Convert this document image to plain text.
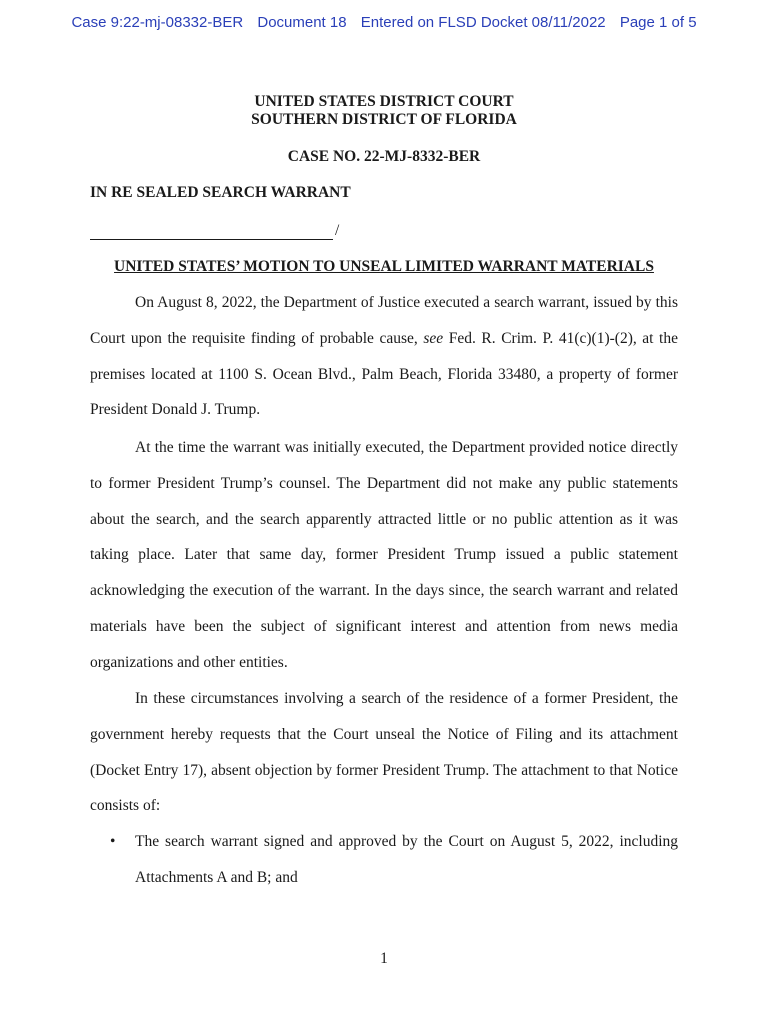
Case 9:22-mj-08332-BER Document 18 Entered on FLSD Docket 08/11/2022 Page 1 of 5
UNITED STATES DISTRICT COURT
SOUTHERN DISTRICT OF FLORIDA
CASE NO. 22-MJ-8332-BER
IN RE SEALED SEARCH WARRANT
/
UNITED STATES’ MOTION TO UNSEAL LIMITED WARRANT MATERIALS

On August 8, 2022, the Department of Justice executed a search warrant, issued by this Court upon the requisite finding of probable cause, see Fed. R. Crim. P. 41(c)(1)-(2), at the premises located at 1100 S. Ocean Blvd., Palm Beach, Florida 33480, a property of former President Donald J. Trump.

At the time the warrant was initially executed, the Department provided notice directly to former President Trump’s counsel. The Department did not make any public statements about the search, and the search apparently attracted little or no public attention as it was taking place. Later that same day, former President Trump issued a public statement acknowledging the execution of the warrant. In the days since, the search warrant and related materials have been the subject of significant interest and attention from news media organizations and other entities.

In these circumstances involving a search of the residence of a former President, the government hereby requests that the Court unseal the Notice of Filing and its attachment (Docket Entry 17), absent objection by former President Trump. The attachment to that Notice consists of:

• The search warrant signed and approved by the Court on August 5, 2022, including Attachments A and B; and
1
